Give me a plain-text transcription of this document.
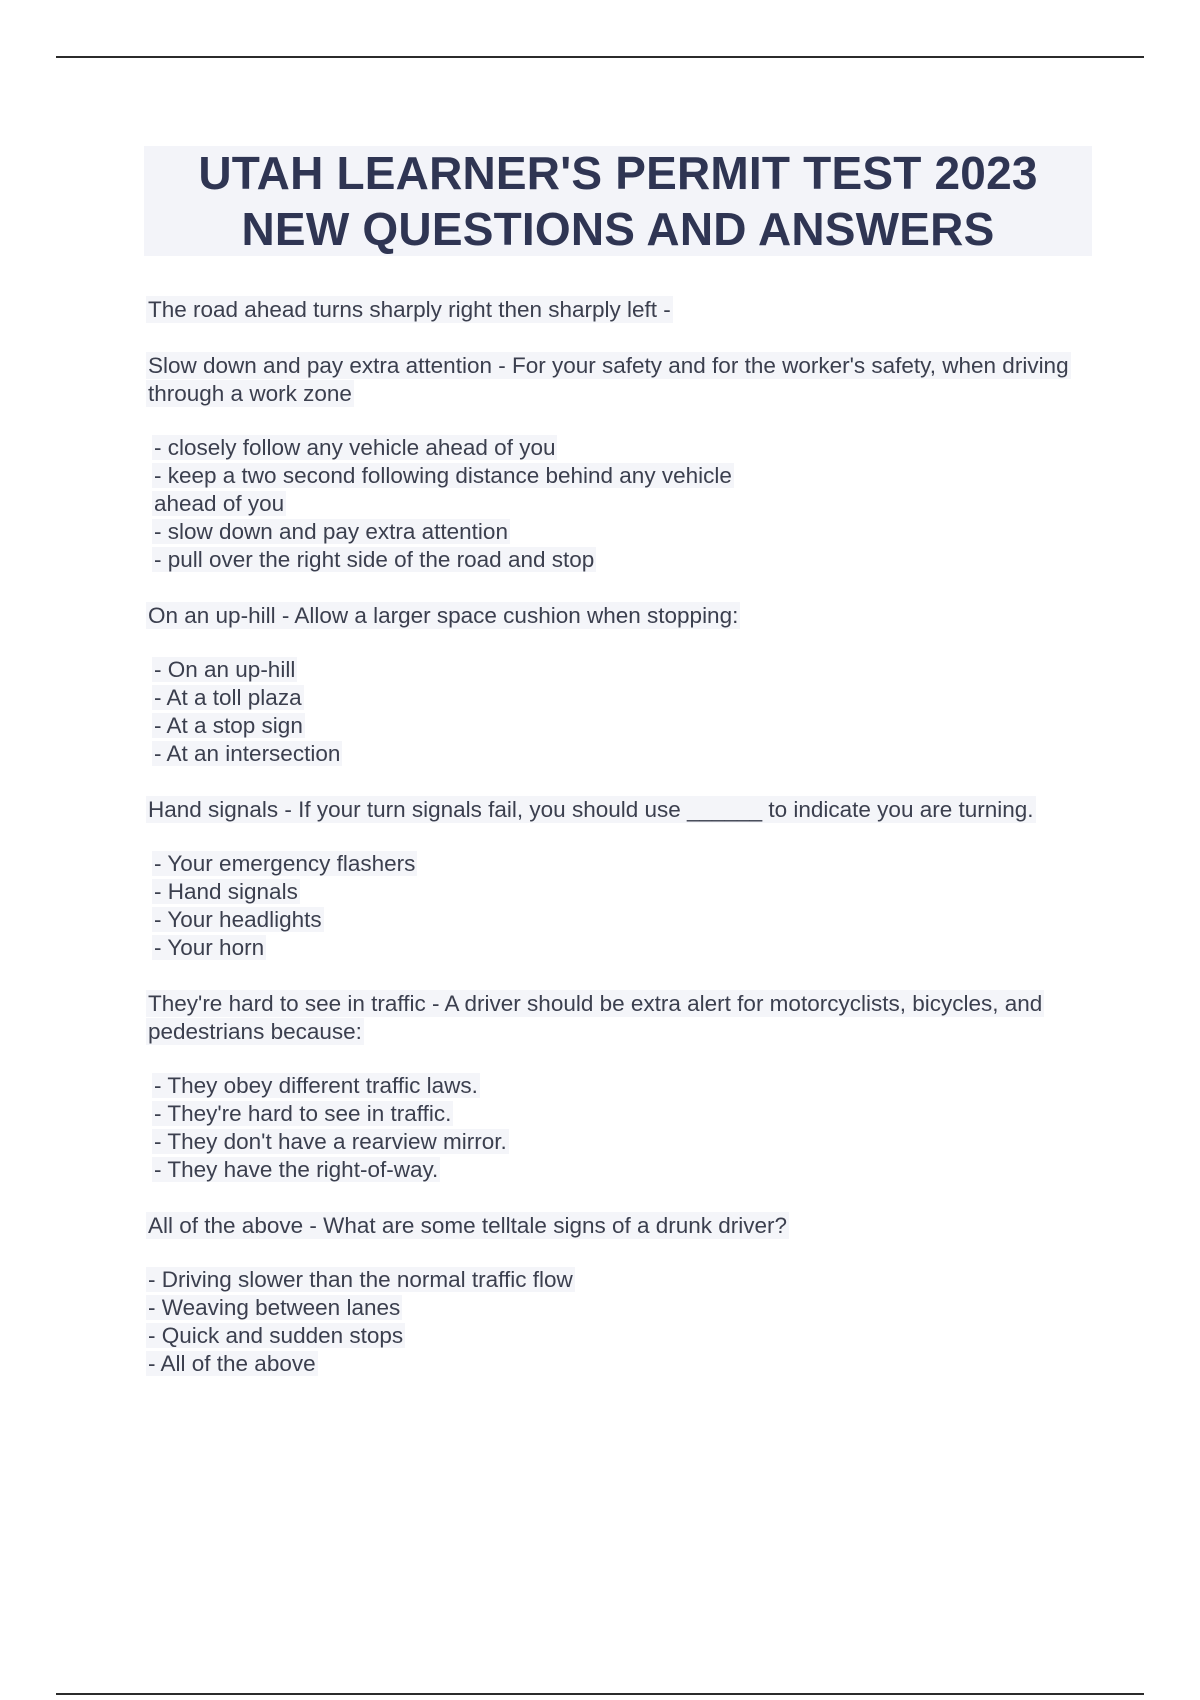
UTAH LEARNER'S PERMIT TEST 2023
NEW QUESTIONS AND ANSWERS
The road ahead turns sharply right then sharply left -
Slow down and pay extra attention - For your safety and for the worker's safety, when driving through a work zone
- closely follow any vehicle ahead of you
- keep a two second following distance behind any vehicle
ahead of you
- slow down and pay extra attention
- pull over the right side of the road and stop
On an up-hill - Allow a larger space cushion when stopping:
- On an up-hill
- At a toll plaza
- At a stop sign
- At an intersection
Hand signals - If your turn signals fail, you should use ______ to indicate you are turning.
- Your emergency flashers
- Hand signals
- Your headlights
- Your horn
They're hard to see in traffic - A driver should be extra alert for motorcyclists, bicycles, and pedestrians because:
- They obey different traffic laws.
- They're hard to see in traffic.
- They don't have a rearview mirror.
- They have the right-of-way.
All of the above - What are some telltale signs of a drunk driver?
- Driving slower than the normal traffic flow
- Weaving between lanes
- Quick and sudden stops
- All of the above
